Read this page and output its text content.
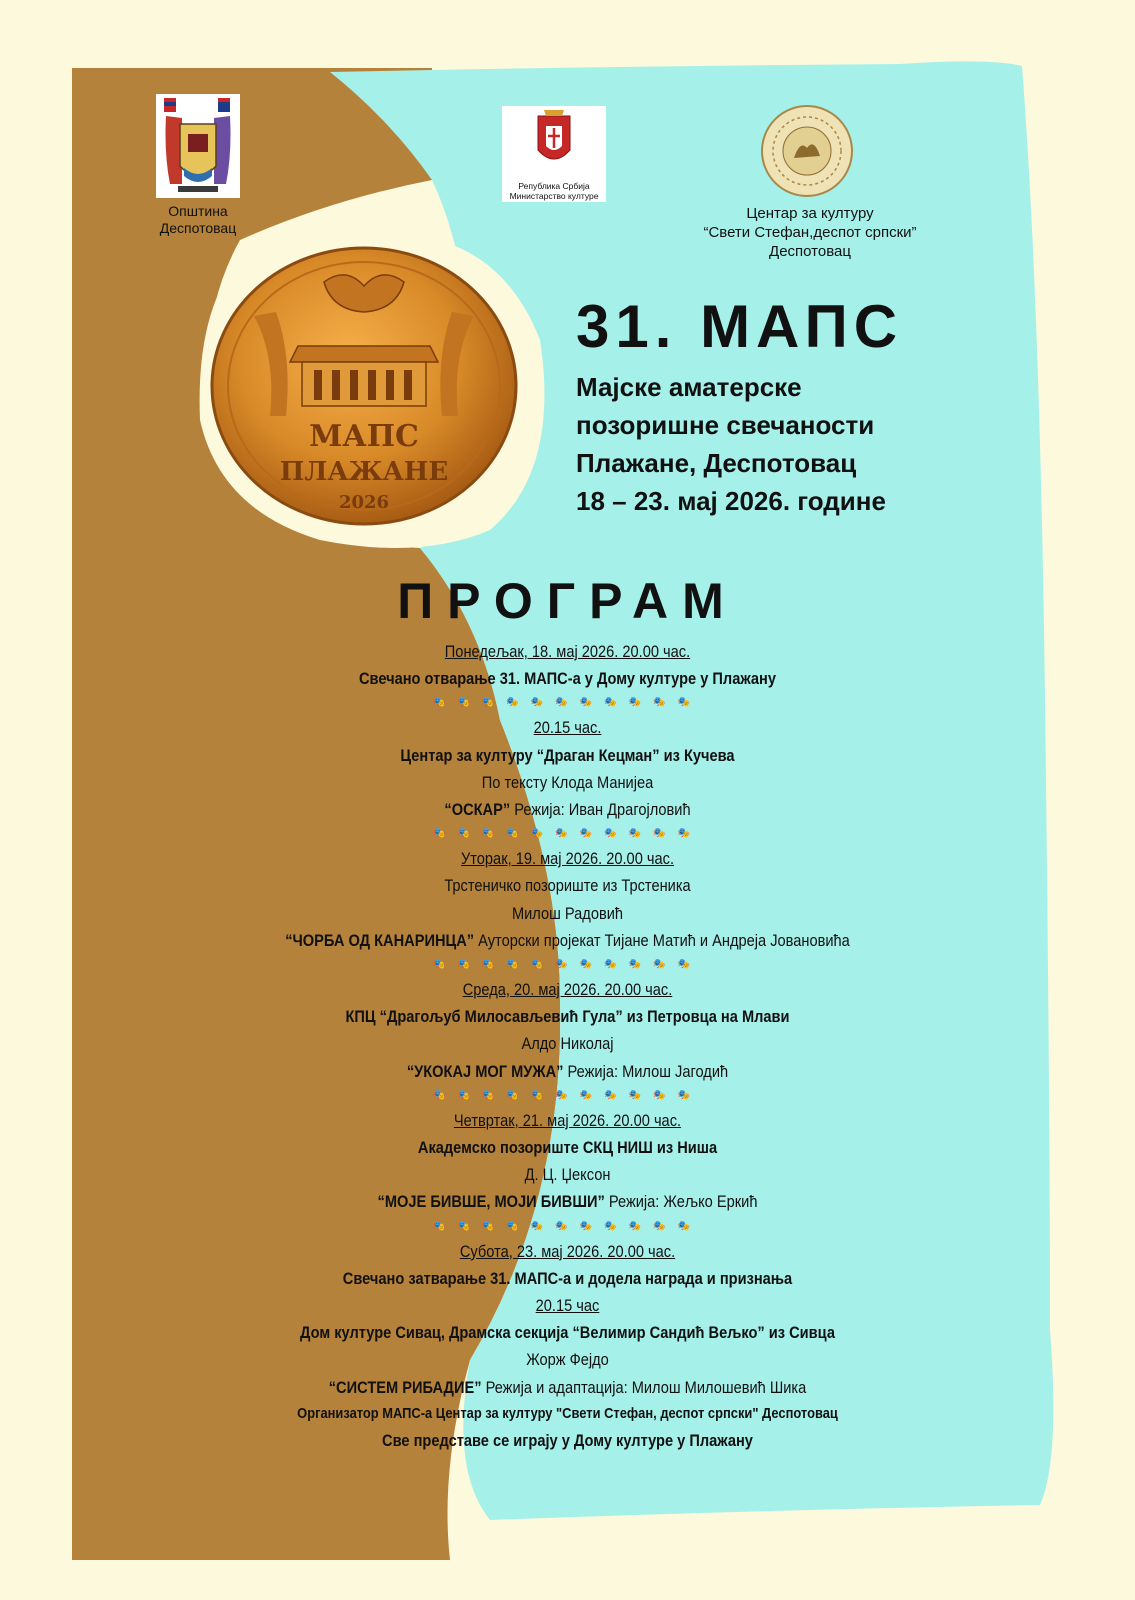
Општина
Деспотовац
Република Србија
Министарство културе
Центар за културу
“Свети Стефан,деспот српски”
Деспотовац
МАПС
ПЛАЖАНЕ
2026
31. МАПС
Мајске аматерске
позоришне свечаности
Плажане, Деспотовац
18 – 23. мај 2026. године
ПРОГРАМ
Понедељак, 18. мај 2026. 20.00 час.
Свечано отварање 31. МАПС-а у Дому културе у Плажану
🎭🎭🎭🎭🎭🎭🎭🎭🎭🎭🎭
20.15 час.
Центар за културу “Драган Кецман” из Кучева
По тексту Клода Манијеа
“ОСКАР” Режија: Иван Драгојловић
🎭🎭🎭🎭🎭🎭🎭🎭🎭🎭🎭
Уторак, 19. мај 2026. 20.00 час.
Трстеничко позориште из Трстеника
Милош Радовић
“ЧОРБА ОД КАНАРИНЦА” Ауторски пројекат Тијане Матић и Андреја Јовановића
🎭🎭🎭🎭🎭🎭🎭🎭🎭🎭🎭
Среда, 20. мај 2026. 20.00 час.
КПЦ “Драгољуб Милосављевић Гула” из Петровца на Млави
Алдо Николај
“УКОКАЈ МОГ МУЖА” Режија: Милош Јагодић
🎭🎭🎭🎭🎭🎭🎭🎭🎭🎭🎭
Четвртак, 21. мај 2026. 20.00 час.
Академско позориште СКЦ НИШ из Ниша
Д. Ц. Џексон
“МОЈЕ БИВШЕ, МОЈИ БИВШИ” Режија: Жељко Еркић
🎭🎭🎭🎭🎭🎭🎭🎭🎭🎭🎭
Субота, 23. мај 2026. 20.00 час.
Свечано затварање 31. МАПС-а и додела награда и признања
20.15 час
Дом културе Сивац, Драмска секција “Велимир Сандић Вељко” из Сивца
Жорж Фејдо
“СИСТЕМ РИБАДИЕ” Режија и адаптација: Милош Милошевић Шика
Организатор МАПС-а Центар за културу "Свети Стефан, деспот српски" Деспотовац
Све представе се играју у Дому културе у Плажану
